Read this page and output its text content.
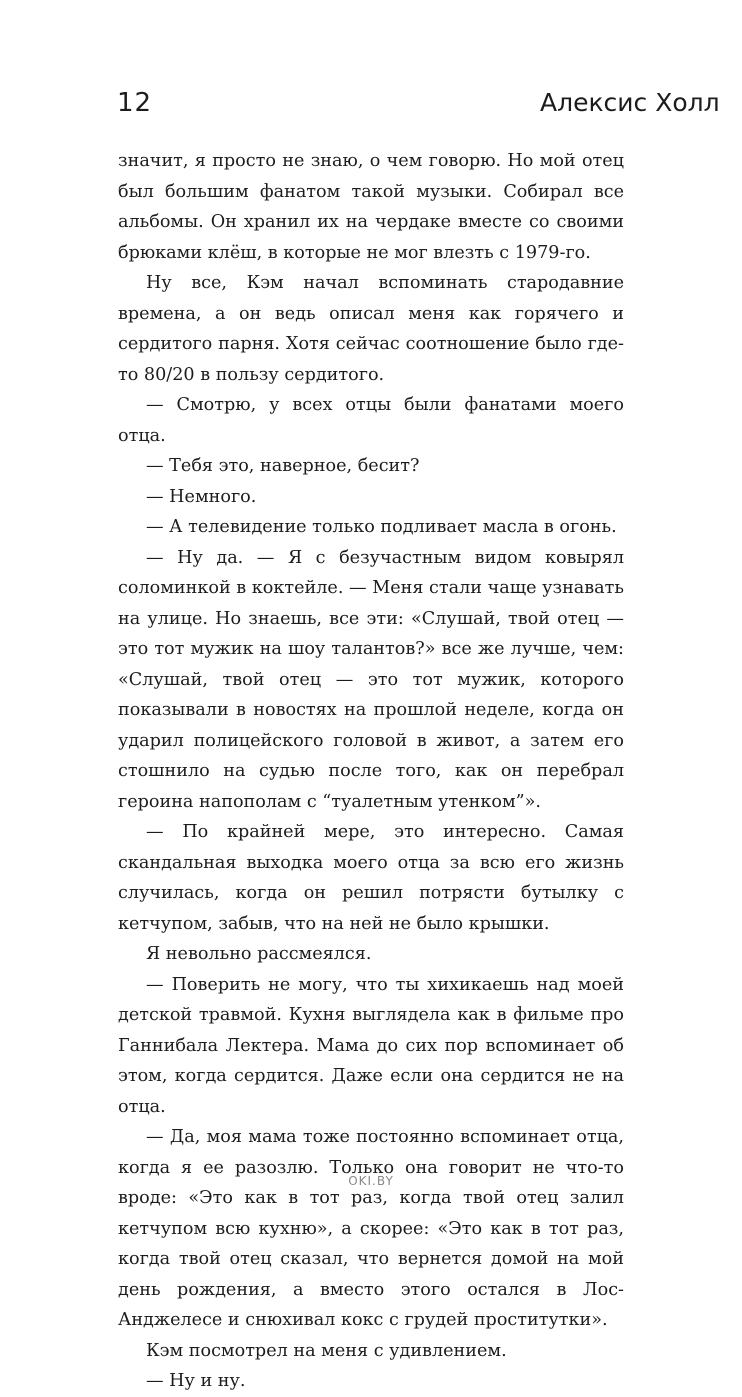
12	Алексис Холл

значит, я просто не знаю, о чем говорю. Но мой отец был большим фанатом такой музыки. Собирал все альбомы. Он хранил их на чердаке вместе со своими брюками клёш, в которые не мог влезть с 1979-го.

Ну все, Кэм начал вспоминать стародавние времена, а он ведь описал меня как горячего и сердитого парня. Хотя сейчас соотношение было где-то 80/20 в пользу сердитого.

— Смотрю, у всех отцы были фанатами моего отца.

— Тебя это, наверное, бесит?

— Немного.

— А телевидение только подливает масла в огонь.

— Ну да. — Я с безучастным видом ковырял соломинкой в коктейле. — Меня стали чаще узнавать на улице. Но знаешь, все эти: «Слушай, твой отец — это тот мужик на шоу талантов?» все же лучше, чем: «Слушай, твой отец — это тот мужик, которого показывали в новостях на прошлой неделе, когда он ударил полицейского головой в живот, а затем его стошнило на судью после того, как он перебрал героина напополам с “туалетным утенком”».

— По крайней мере, это интересно. Самая скандальная выходка моего отца за всю его жизнь случилась, когда он решил потрясти бутылку с кетчупом, забыв, что на ней не было крышки.

Я невольно рассмеялся.

— Поверить не могу, что ты хихикаешь над моей детской травмой. Кухня выглядела как в фильме про Ганнибала Лектера. Мама до сих пор вспоминает об этом, когда сердится. Даже если она сердится не на отца.

— Да, моя мама тоже постоянно вспоминает отца, когда я ее разозлю. Только она говорит не что-то вроде: «Это как в тот раз, когда твой отец залил кетчупом всю кухню», а скорее: «Это как в тот раз, когда твой отец сказал, что вернется домой на мой день рождения, а вместо этого остался в Лос-Анджелесе и снюхивал кокс с грудей проститутки».

Кэм посмотрел на меня с удивлением.

— Ну и ну.

OKI.BY
